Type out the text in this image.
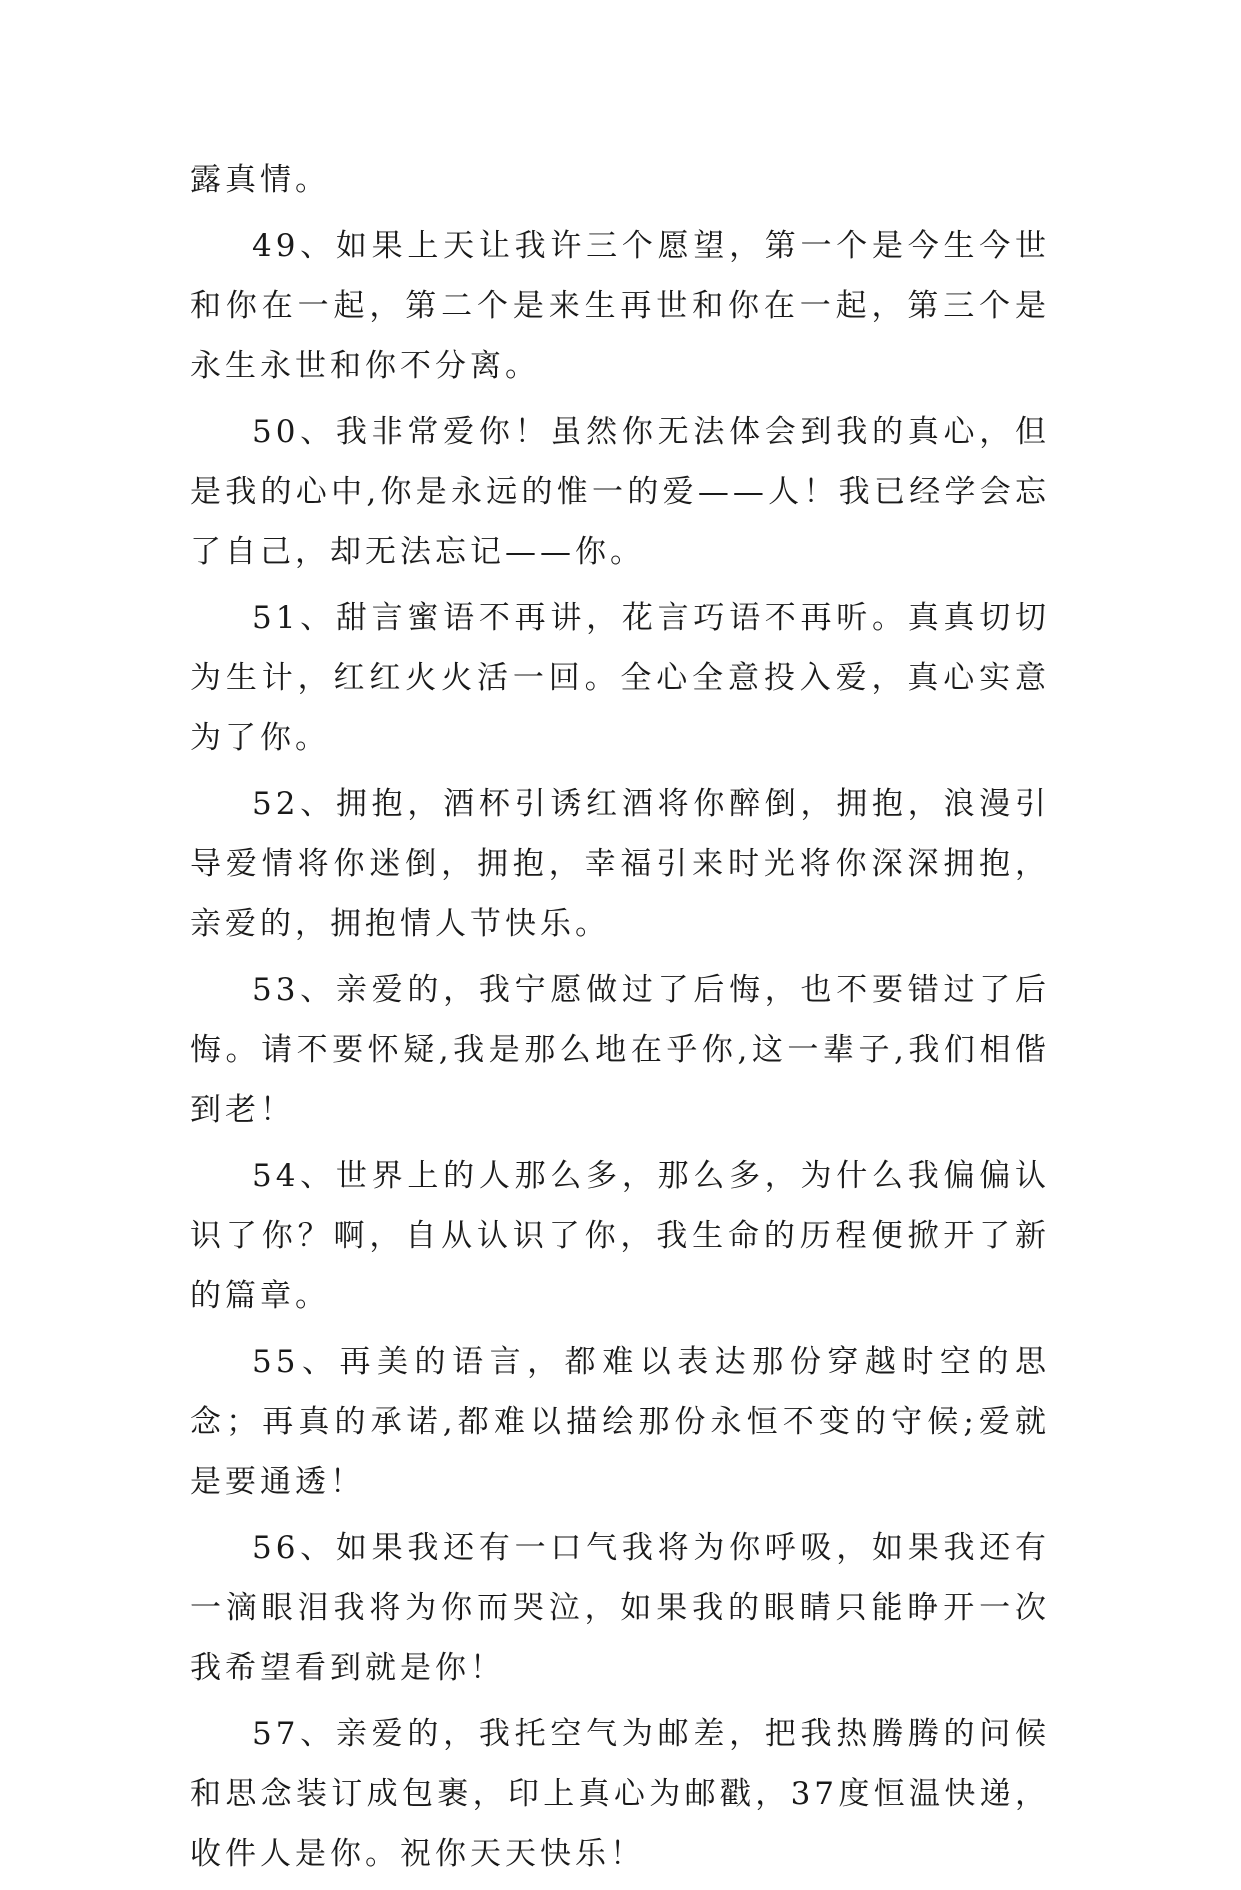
露真情。

49、如果上天让我许三个愿望，第一个是今生今世和你在一起，第二个是来生再世和你在一起，第三个是永生永世和你不分离。

50、我非常爱你！虽然你无法体会到我的真心，但是我的心中,你是永远的惟一的爱——人！我已经学会忘了自己，却无法忘记——你。

51、甜言蜜语不再讲，花言巧语不再听。真真切切为生计，红红火火活一回。全心全意投入爱，真心实意为了你。

52、拥抱，酒杯引诱红酒将你醉倒，拥抱，浪漫引导爱情将你迷倒，拥抱，幸福引来时光将你深深拥抱，亲爱的，拥抱情人节快乐。

53、亲爱的，我宁愿做过了后悔，也不要错过了后悔。请不要怀疑,我是那么地在乎你,这一辈子,我们相偕到老！

54、世界上的人那么多，那么多，为什么我偏偏认识了你？啊，自从认识了你，我生命的历程便掀开了新的篇章。

55、再美的语言，都难以表达那份穿越时空的思念；再真的承诺,都难以描绘那份永恒不变的守候;爱就是要通透！

56、如果我还有一口气我将为你呼吸，如果我还有一滴眼泪我将为你而哭泣，如果我的眼睛只能睁开一次我希望看到就是你！

57、亲爱的，我托空气为邮差，把我热腾腾的问候和思念装订成包裹，印上真心为邮戳，37度恒温快递，收件人是你。祝你天天快乐！
